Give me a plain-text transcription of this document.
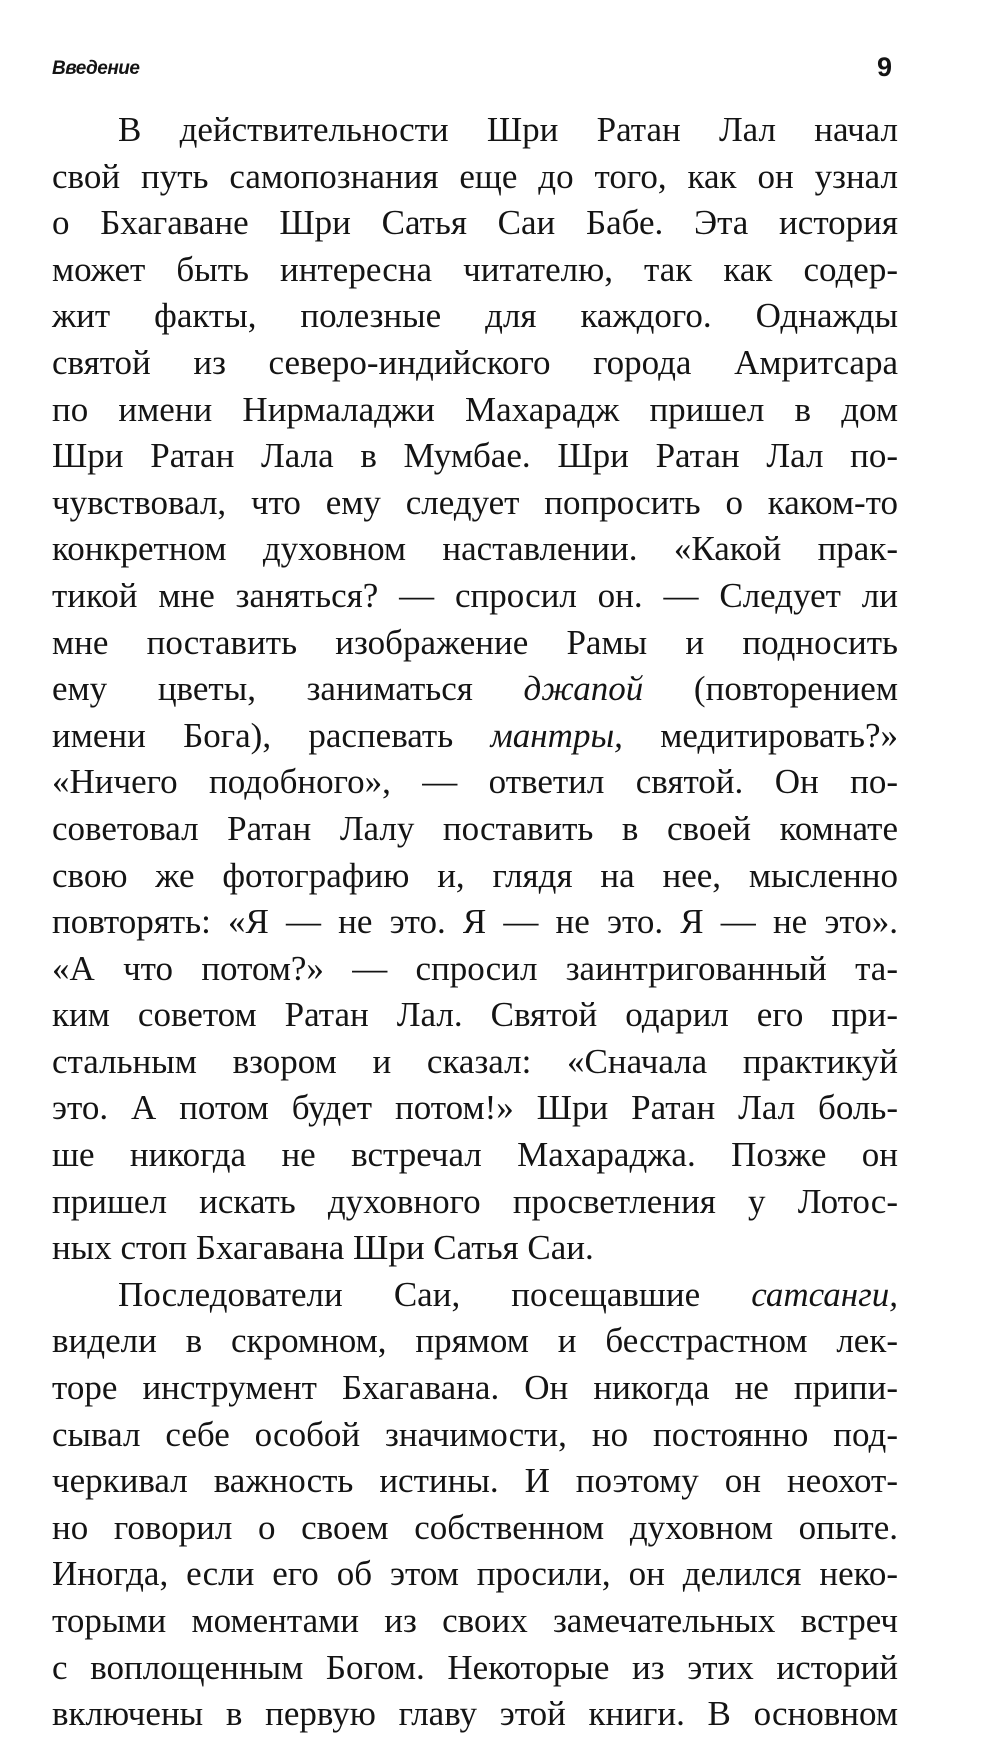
Введение	9
В действительности Шри Ратан Лал начал
свой путь самопознания еще до того, как он узнал
о Бхагаване Шри Сатья Саи Бабе. Эта история
может быть интересна читателю, так как содер-
жит факты, полезные для каждого. Однажды
святой из северо-индийского города Амритсара
по имени Нирмаладжи Махарадж пришел в дом
Шри Ратан Лала в Мумбае. Шри Ратан Лал по-
чувствовал, что ему следует попросить о каком-то
конкретном духовном наставлении. «Какой прак-
тикой мне заняться? — спросил он. — Следует ли
мне поставить изображение Рамы и подносить
ему цветы, заниматься джапой (повторением
имени Бога), распевать мантры, медитировать?»
«Ничего подобного», — ответил святой. Он по-
советовал Ратан Лалу поставить в своей комнате
свою же фотографию и, глядя на нее, мысленно
повторять: «Я — не это. Я — не это. Я — не это».
«А что потом?» — спросил заинтригованный та-
ким советом Ратан Лал. Святой одарил его при-
стальным взором и сказал: «Сначала практикуй
это. А потом будет потом!» Шри Ратан Лал боль-
ше никогда не встречал Махараджа. Позже он
пришел искать духовного просветления у Лотос-
ных стоп Бхагавана Шри Сатья Саи.
Последователи Саи, посещавшие сатсанги,
видели в скромном, прямом и бесстрастном лек-
торе инструмент Бхагавана. Он никогда не припи-
сывал себе особой значимости, но постоянно под-
черкивал важность истины. И поэтому он неохот-
но говорил о своем собственном духовном опыте.
Иногда, если его об этом просили, он делился неко-
торыми моментами из своих замечательных встреч
с воплощенным Богом. Некоторые из этих историй
включены в первую главу этой книги. В основном
